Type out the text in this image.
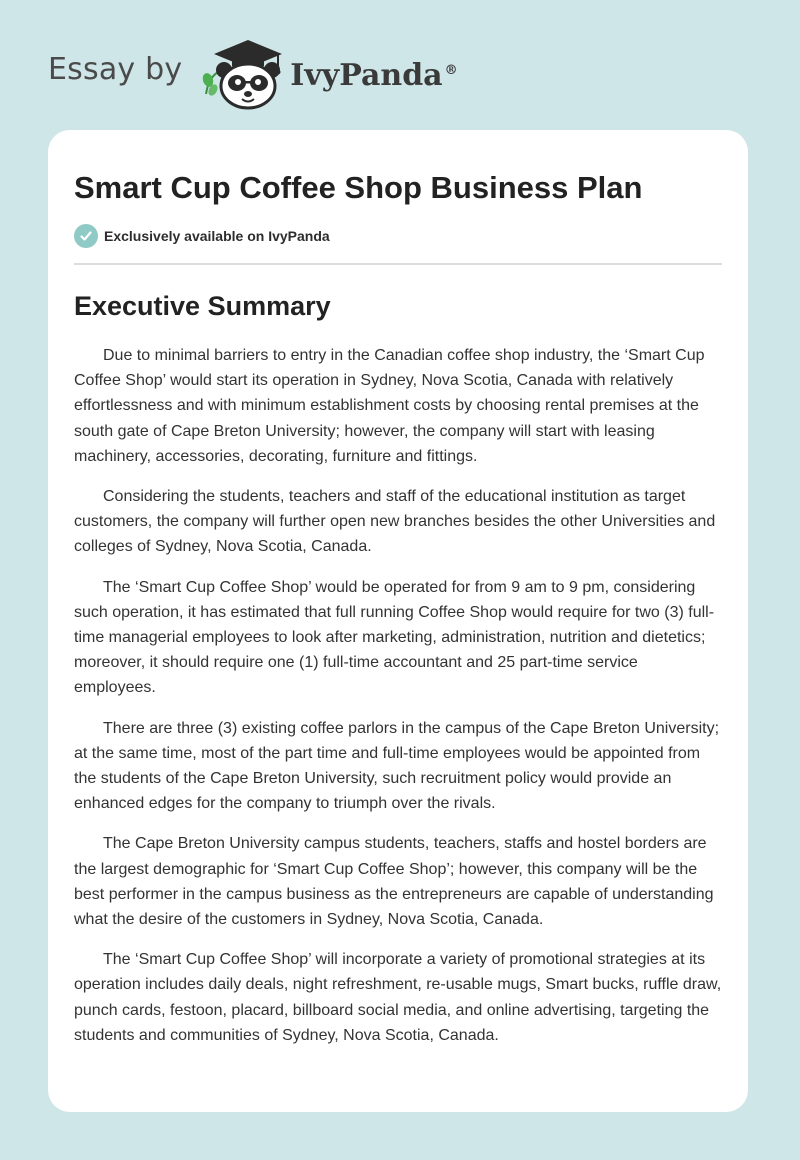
Essay by	IvyPanda ®
Smart Cup Coffee Shop Business Plan
Exclusively available on IvyPanda
Executive Summary

Due to minimal barriers to entry in the Canadian coffee shop industry, the ‘Smart Cup Coffee Shop’ would start its operation in Sydney, Nova Scotia, Canada with relatively effortlessness and with minimum establishment costs by choosing rental premises at the south gate of Cape Breton University; however, the company will start with leasing machinery, accessories, decorating, furniture and fittings.

Considering the students, teachers and staff of the educational institution as target customers, the company will further open new branches besides the other Universities and colleges of Sydney, Nova Scotia, Canada.

The ‘Smart Cup Coffee Shop’ would be operated for from 9 am to 9 pm, considering such operation, it has estimated that full running Coffee Shop would require for two (3) full-time managerial employees to look after marketing, administration, nutrition and dietetics; moreover, it should require one (1) full-time accountant and 25 part-time service employees.

There are three (3) existing coffee parlors in the campus of the Cape Breton University; at the same time, most of the part time and full-time employees would be appointed from the students of the Cape Breton University, such recruitment policy would provide an enhanced edges for the company to triumph over the rivals.

The Cape Breton University campus students, teachers, staffs and hostel borders are the largest demographic for ‘Smart Cup Coffee Shop’; however, this company will be the best performer in the campus business as the entrepreneurs are capable of understanding what the desire of the customers in Sydney, Nova Scotia, Canada.

The ‘Smart Cup Coffee Shop’ will incorporate a variety of promotional strategies at its operation includes daily deals, night refreshment, re-usable mugs, Smart bucks, ruffle draw, punch cards, festoon, placard, billboard social media, and online advertising, targeting the students and communities of Sydney, Nova Scotia, Canada.
